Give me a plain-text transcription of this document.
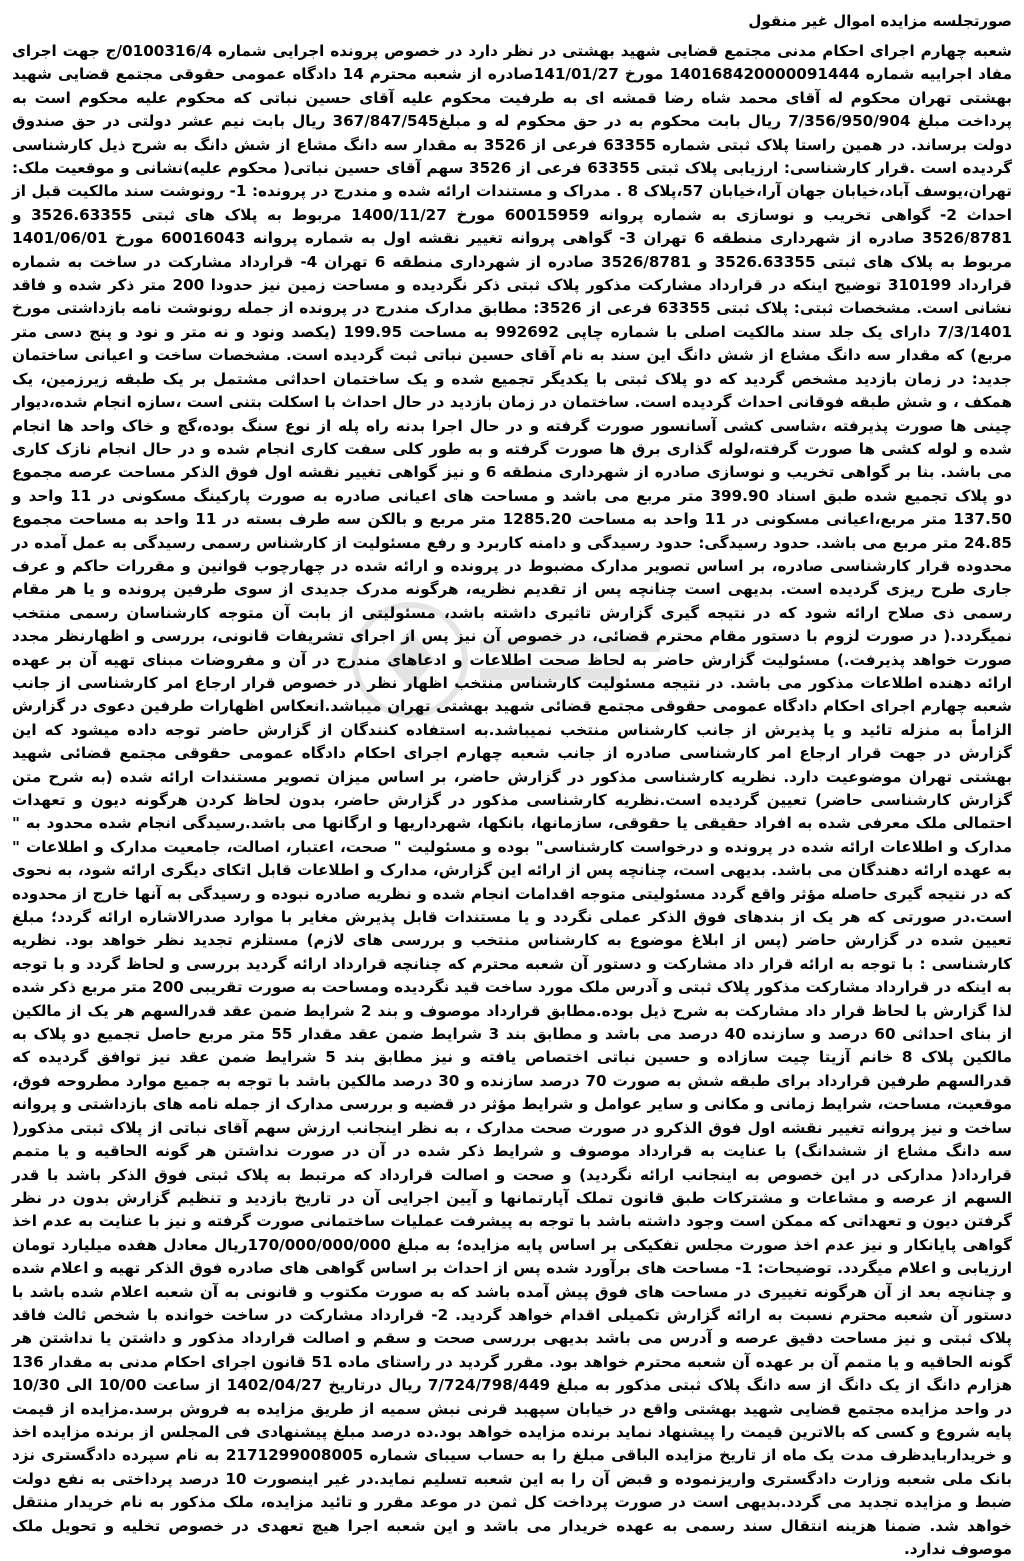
صورتجلسه مزایده اموال غیر منقول

شعبه چهارم اجرای احکام مدنی مجتمع قضایی شهید بهشتی در نظر دارد در خصوص پرونده اجرایی شماره 0100316/4/ج جهت اجرای مفاد اجراییه شماره 140168420000091444 مورخ 141/01/27صادره از شعبه محترم 14 دادگاه عمومی حقوقی مجتمع قضایی شهید بهشتی تهران محکوم له آقای محمد شاه رضا قمشه ای به طرفیت محکوم علیه آقای حسین نباتی که محکوم علیه محکوم است به پرداخت مبلغ 7/356/950/904 ریال بابت محکوم به در حق محکوم له و مبلغ367/847/545 ریال بابت نیم عشر دولتی در حق صندوق دولت برساند. در همین راستا پلاک ثبتی شماره 63355 فرعی از 3526 به مقدار سه دانگ مشاع از شش دانگ به شرح ذیل کارشناسی گردیده است .قرار کارشناسی: ارزیابی پلاک ثبتی 63355 فرعی از 3526 سهم آقای حسین نباتی( محکوم علیه)نشانی و موقعیت ملک: تهران،یوسف آباد،خیابان جهان آرا،خیابان 57،پلاک 8 . مدراک و مستندات ارائه شده و مندرج در پرونده: 1- رونوشت سند مالکیت قبل از احداث 2- گواهی تخریب و نوسازی به شماره پروانه 60015959 مورخ 1400/11/27 مربوط به پلاک های ثبتی 3526.63355 و 3526/8781 صادره از شهرداری منطقه 6 تهران 3- گواهی پروانه تغییر نقشه اول به شماره پروانه 60016043 مورخ 1401/06/01 مربوط به پلاک های ثبتی 3526.63355 و 3526/8781 صادره از شهرداری منطقه 6 تهران 4- قرارداد مشارکت در ساخت به شماره قرارداد 310199 توضیح اینکه در قرارداد مشارکت مذکور پلاک ثبتی ذکر نگردیده و مساحت زمین نیز حدودا 200 متر ذکر شده و فاقد نشانی است. مشخصات ثبتی: پلاک ثبتی 63355 فرعی از 3526: مطابق مدارک مندرج در پرونده از جمله رونوشت نامه بازداشتی مورخ 7/3/1401 دارای یک جلد سند مالکیت اصلی با شماره چاپی 992692 به مساحت 199.95 (یکصد ونود و نه متر و نود و پنج دسی متر مربع) که مقدار سه دانگ مشاع از شش دانگ این سند به نام آقای حسین نباتی ثبت گردیده است. مشخصات ساخت و اعیانی ساختمان جدید: در زمان بازدید مشخص گردید که دو پلاک ثبتی با یکدیگر تجمیع شده و یک ساختمان احداثی مشتمل بر یک طبقه زیرزمین، یک همکف ، و شش طبقه فوقانی احداث گردیده است. ساختمان در زمان بازدید در حال احداث با اسکلت بتنی است ،سازه انجام شده،دیوار چینی ها صورت پذیرفته ،شاسی کشی آسانسور صورت گرفته و در حال اجرا بدنه راه پله از نوع سنگ بوده،گچ و خاک واحد ها انجام شده و لوله کشی ها صورت گرفته،لوله گذاری برق ها صورت گرفته و به طور کلی سفت کاری انجام شده و در حال انجام نازک کاری می باشد. بنا بر گواهی تخریب و نوسازی صادره از شهرداری منطقه 6 و نیز گواهی تغییر نقشه اول فوق الذکر مساحت عرصه مجموع دو پلاک تجمیع شده طبق اسناد 399.90 متر مربع می باشد و مساحت های اعیانی صادره به صورت پارکینگ مسکونی در 11 واحد و 137.50 متر مربع،اعیانی مسکونی در 11 واحد به مساحت 1285.20 متر مربع و بالکن سه طرف بسته در 11 واحد به مساحت مجموع 24.85 متر مربع می باشد. حدود رسیدگی: حدود رسیدگی و دامنه کاربرد و رفع مسئولیت از کارشناس رسمی رسیدگی به عمل آمده در محدوده قرار کارشناسی صادره، بر اساس تصویر مدارک مضبوط در پرونده و ارائه شده در چهارچوب قوانین و مقررات حاکم و عرف جاری طرح ریزی گردیده است. بدیهی است چنانچه پس از تقدیم نظریه، هرگونه مدرک جدیدی از سوی طرفین پرونده و یا هر مقام رسمی ذی صلاح ارائه شود که در نتیجه گیری گزارش تاثیری داشته باشد، مسئولیتی از بابت آن متوجه کارشناسان رسمی منتخب نمیگردد.( در صورت لزوم با دستور مقام محترم قضائی، در خصوص آن نیز پس از اجرای تشریفات قانونی، بررسی و اظهارنظر مجدد صورت خواهد پذیرفت.) مسئولیت گزارش حاضر به لحاظ صحت اطلاعات و ادعاهای مندرج در آن و مفروضات مبنای تهیه آن بر عهده ارائه دهنده اطلاعات مذکور می باشد. در نتیجه مسئولیت کارشناس منتخب اظهار نظر در خصوص قرار ارجاع امر کارشناسی از جانب شعبه چهارم اجرای احکام دادگاه عمومی حقوقی مجتمع قضائی شهید بهشتی تهران میباشد.انعکاس اظهارات طرفین دعوی در گزارش الزاماً به منزله تائید و یا پذیرش از جانب کارشناس منتخب نمیباشد.به استفاده کنندگان از گزارش حاضر توجه داده میشود که این گزارش در جهت قرار ارجاع امر کارشناسی صادره از جانب شعبه چهارم اجرای احکام دادگاه عمومی حقوقی مجتمع قضائی شهید بهشتی تهران موضوعیت دارد. نظریه کارشناسی مذکور در گزارش حاضر، بر اساس میزان تصویر مستندات ارائه شده (به شرح متن گزارش کارشناسی حاضر) تعیین گردیده است.نظریه کارشناسی مذکور در گزارش حاضر، بدون لحاظ کردن هرگونه دیون و تعهدات احتمالی ملک معرفی شده به افراد حقیقی یا حقوقی، سازمانها، بانکها، شهرداریها و ارگانها می باشد.رسیدگی انجام شده محدود به " مدارک و اطلاعات ارائه شده در پرونده و درخواست کارشناسی" بوده و مسئولیت " صحت، اعتبار، اصالت، جامعیت مدارک و اطلاعات " به عهده ارائه دهندگان می باشد. بدیهی است، چنانچه پس از ارائه این گزارش، مدارک و اطلاعات قابل اتکای دیگری ارائه شود، به نحوی که در نتیجه گیری حاصله مؤثر واقع گردد مسئولیتی متوجه اقدامات انجام شده و نظریه صادره نبوده و رسیدگی به آنها خارج از محدوده است.در صورتی که هر یک از بندهای فوق الذکر عملی نگردد و یا مستندات قابل پذیرش مغایر با موارد صدرالاشاره ارائه گردد؛ مبلغ تعیین شده در گزارش حاضر (پس از ابلاغ موضوع به کارشناس منتخب و بررسی های لازم) مستلزم تجدید نظر خواهد بود. نظریه کارشناسی : با توجه به ارائه قرار داد مشارکت و دستور آن شعبه محترم که چنانچه قرارداد ارائه گردید بررسی و لحاظ گردد و با توجه به اینکه در قرارداد مشارکت مذکور پلاک ثبتی و آدرس ملک مورد ساخت قید نگردیده ومساحت به صورت تقریبی 200 متر مربع ذکر شده لذا گزارش با لحاظ قرار داد مشارکت به شرح ذیل بوده.مطابق قرارداد موصوف و بند 2 شرایط ضمن عقد قدرالسهم هر یک از مالکین از بنای احداثی 60 درصد و سازنده 40 درصد می باشد و مطابق بند 3 شرایط ضمن عقد مقدار 55 متر مربع حاصل تجمیع دو پلاک به مالکین پلاک 8 خانم آزیتا چیت سازاده و حسین نباتی اختصاص یافته و نیز مطابق بند 5 شرایط ضمن عقد نیز توافق گردیده که قدرالسهم طرفین قرارداد برای طبقه شش به صورت 70 درصد سازنده و 30 درصد مالکین باشد با توجه به جمیع موارد مطروحه فوق، موقعیت، مساحت، شرایط زمانی و مکانی و سایر عوامل و شرایط مؤثر در قضیه و بررسی مدارک از جمله نامه های بازداشتی و پروانه ساخت و نیز پروانه تغییر نقشه اول فوق الذکرو در صورت صحت مدارک ، به نظر اینجانب ارزش سهم آقای نباتی از پلاک ثبتی مذکور( سه دانگ مشاع از ششدانگ) با عنایت به قرارداد موصوف و شرایط ذکر شده در آن در صورت نداشتن هر گونه الحاقیه و یا متمم قرارداد( مدارکی در این خصوص به اینجانب ارائه نگردید) و صحت و اصالت قرارداد که مرتبط به پلاک ثبتی فوق الذکر باشد با قدر السهم از عرصه و مشاعات و مشترکات طبق قانون تملک آپارتمانها و آیین اجرایی آن در تاریخ بازدید و تنظیم گزارش بدون در نظر گرفتن دیون و تعهداتی که ممکن است وجود داشته باشد با توجه به پیشرفت عملیات ساختمانی صورت گرفته و نیز با عنایت به عدم اخذ گواهی پایانکار و نیز عدم اخذ صورت مجلس تفکیکی بر اساس پایه مزایده؛ به مبلغ 170/000/000/000ریال معادل هفده میلیارد تومان ارزیابی و اعلام میگردد. توضیحات: 1- مساحت های برآورد شده پس از احداث بر اساس گواهی های صادره فوق الذکر تهیه و اعلام شده و چنانچه بعد از آن هرگونه تغییری در مساحت های فوق پیش آمده باشد که به صورت مکتوب و قانونی به آن شعبه اعلام شده باشد با دستور آن شعبه محترم نسبت به ارائه گزارش تکمیلی اقدام خواهد گردید. 2- قرارداد مشارکت در ساخت خوانده با شخص ثالث فاقد پلاک ثبتی و نیز مساحت دقیق عرصه و آدرس می باشد بدیهی بررسی صحت و سقم و اصالت قرارداد مذکور و داشتن یا نداشتن هر گونه الحاقیه و یا متمم آن بر عهده آن شعبه محترم خواهد بود. مقرر گردید در راستای ماده 51 قانون اجرای احکام مدنی به مقدار 136 هزارم دانگ از یک دانگ از سه دانگ پلاک ثبتی مذکور به مبلغ 7/724/798/449 ریال درتاریخ 1402/04/27 از ساعت 10/00 الی 10/30 در واحد مزایده مجتمع قضایی شهید بهشتی واقع در خیابان سپهبد قرنی نبش سمیه از طریق مزایده به فروش برسد.مزایده از قیمت پایه شروع و کسی که بالاترین قیمت را پیشنهاد نماید برنده مزایده خواهد بود.ده درصد مبلغ پیشنهادی فی المجلس از برنده مزایده اخذ و خریداربایدظرف مدت یک ماه از تاریخ مزایده الباقی مبلغ را به حساب سیبای شماره 2171299008005 به نام سپرده دادگستری نزد بانک ملی شعبه وزارت دادگستری واریزنموده و قبض آن را به این شعبه تسلیم نماید.در غیر اینصورت 10 درصد پرداختی به نفع دولت ضبط و مزایده تجدید می گردد.بدیهی است در صورت پرداخت کل ثمن در موعد مقرر و تائید مزایده، ملک مذکور به نام خریدار منتقل خواهد شد. ضمنا هزینه انتقال سند رسمی به عهده خریدار می باشد و این شعبه اجرا هیچ تعهدی در خصوص تخلیه و تحویل ملک موصوف ندارد.
